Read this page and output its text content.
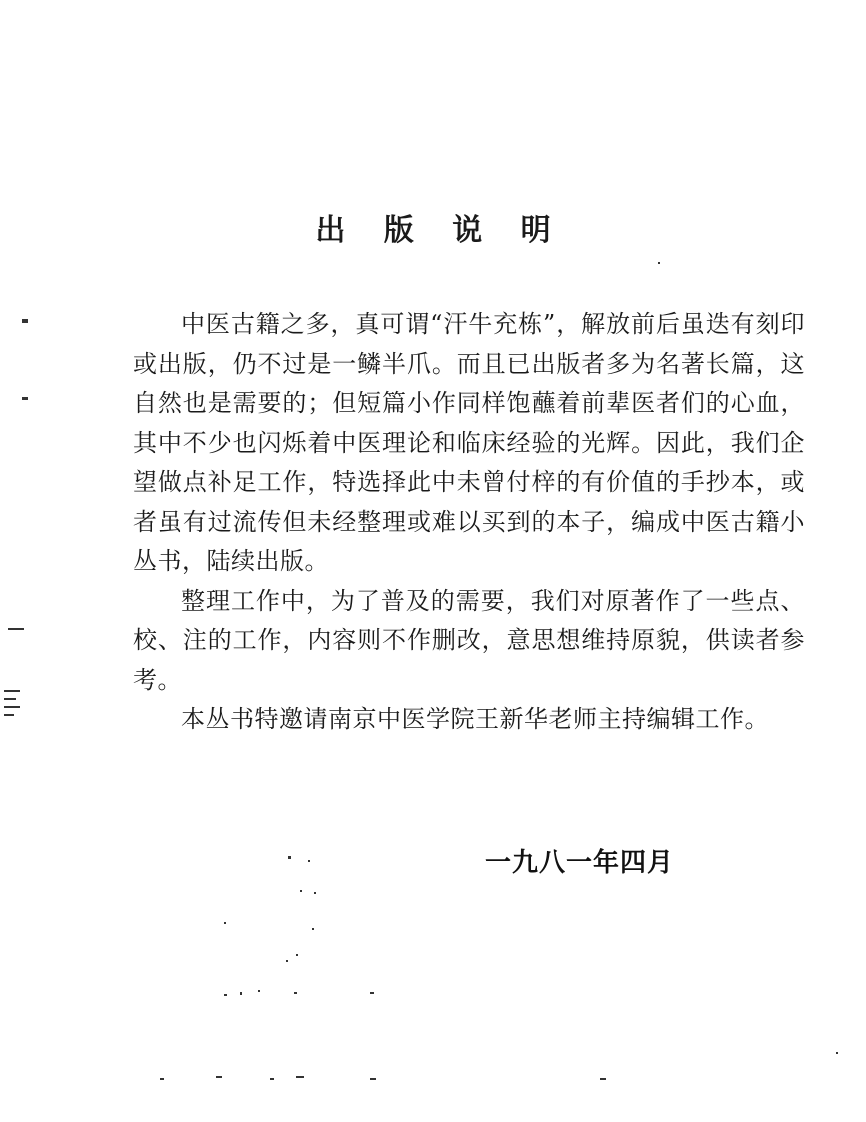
出 版 说 明

中医古籍之多，真可谓“汗牛充栋”，解放前后虽迭有刻印或出版，仍不过是一鳞半爪。而且已出版者多为名著长篇，这自然也是需要的；但短篇小作同样饱蘸着前辈医者们的心血，其中不少也闪烁着中医理论和临床经验的光辉。因此，我们企望做点补足工作，特选择此中未曾付梓的有价值的手抄本，或者虽有过流传但未经整理或难以买到的本子，编成中医古籍小丛书，陆续出版。

整理工作中，为了普及的需要，我们对原著作了一些点、校、注的工作，内容则不作删改，意思想维持原貌，供读者参考。

本丛书特邀请南京中医学院王新华老师主持编辑工作。

一九八一年四月
